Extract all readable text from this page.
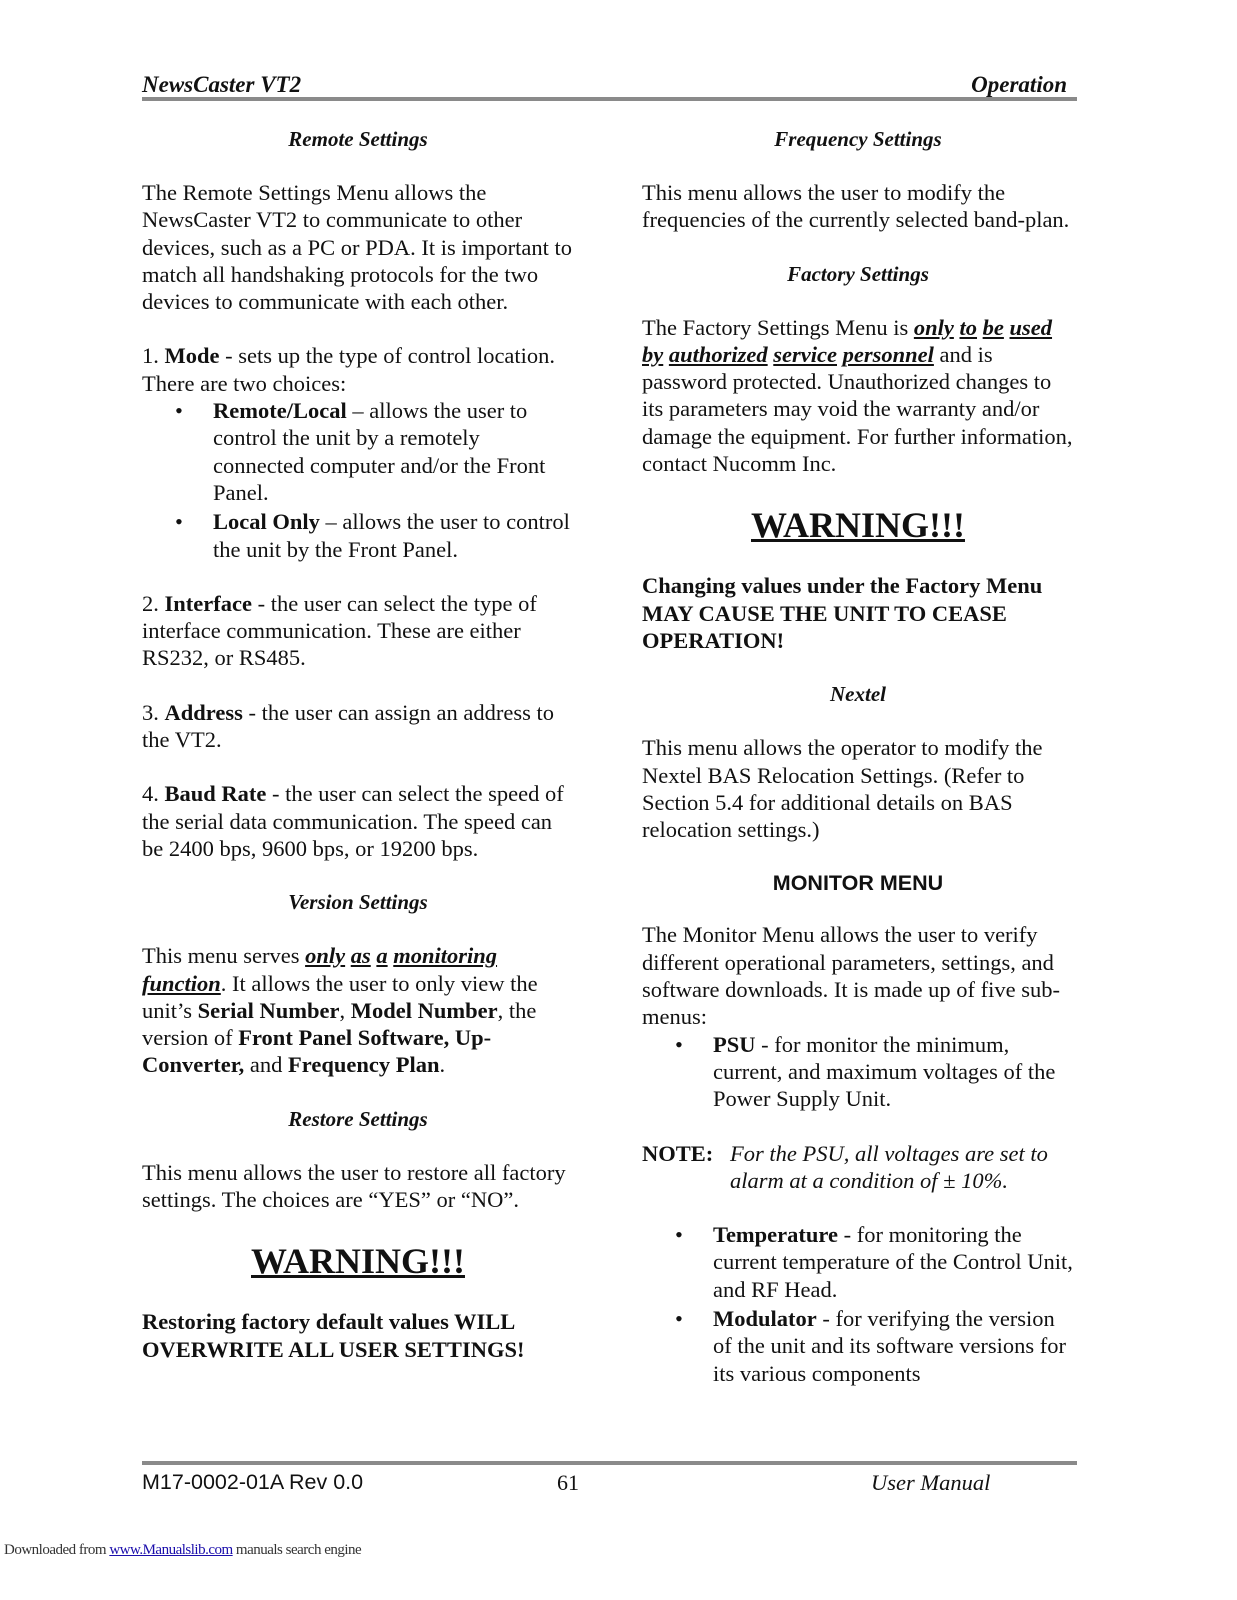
NewsCaster VT2	Operation
Remote Settings

The Remote Settings Menu allows the NewsCaster VT2 to communicate to other devices, such as a PC or PDA. It is important to match all handshaking protocols for the two devices to communicate with each other.

1. Mode - sets up the type of control location. There are two choices:

• Remote/Local – allows the user to control the unit by a remotely connected computer and/or the Front Panel.
• Local Only – allows the user to control the unit by the Front Panel.

2. Interface - the user can select the type of interface communication. These are either RS232, or RS485.

3. Address - the user can assign an address to the VT2.

4. Baud Rate - the user can select the speed of the serial data communication. The speed can be 2400 bps, 9600 bps, or 19200 bps.

Version Settings

This menu serves only as a monitoring function. It allows the user to only view the unit’s Serial Number, Model Number, the version of Front Panel Software, Up-Converter, and Frequency Plan.

Restore Settings

This menu allows the user to restore all factory settings. The choices are “YES” or “NO”.

WARNING!!!

Restoring factory default values WILL OVERWRITE ALL USER SETTINGS!

Frequency Settings

This menu allows the user to modify the frequencies of the currently selected band-plan.

Factory Settings

The Factory Settings Menu is only to be used by authorized service personnel and is password protected. Unauthorized changes to its parameters may void the warranty and/or damage the equipment. For further information, contact Nucomm Inc.

WARNING!!!

Changing values under the Factory Menu MAY CAUSE THE UNIT TO CEASE OPERATION!

Nextel

This menu allows the operator to modify the Nextel BAS Relocation Settings. (Refer to Section 5.4 for additional details on BAS relocation settings.)

MONITOR MENU

The Monitor Menu allows the user to verify different operational parameters, settings, and software downloads. It is made up of five sub-menus:

• PSU - for monitor the minimum, current, and maximum voltages of the Power Supply Unit.
NOTE: For the PSU, all voltages are set to alarm at a condition of ± 10%.
• Temperature - for monitoring the current temperature of the Control Unit, and RF Head.
• Modulator - for verifying the version of the unit and its software versions for its various components
M17-0002-01A Rev 0.0	61	User Manual
Downloaded from www.Manualslib.com manuals search engine
